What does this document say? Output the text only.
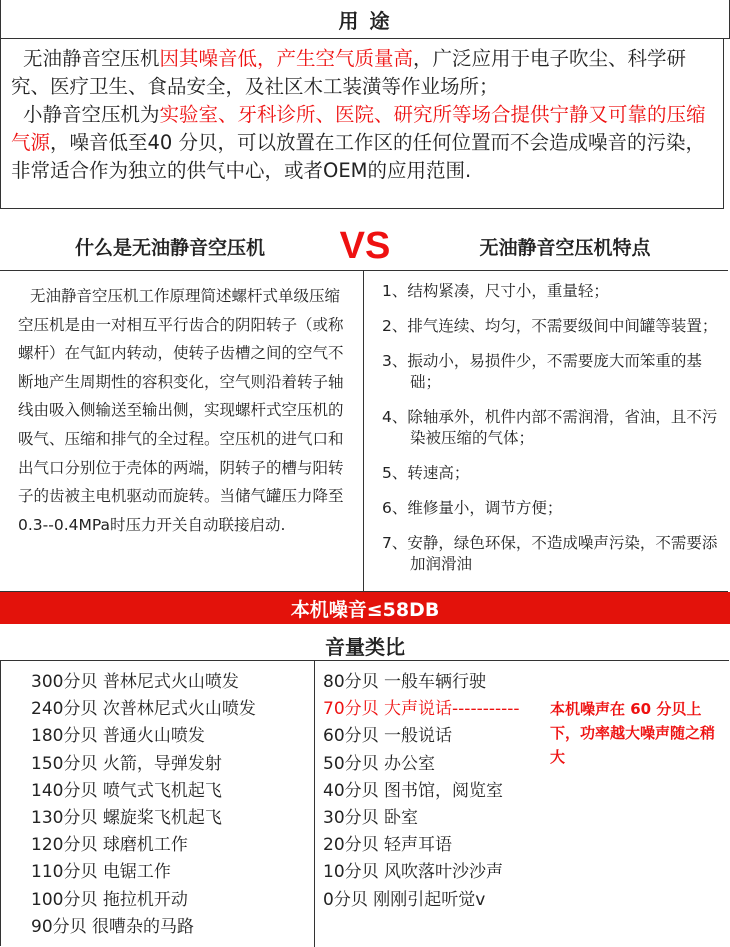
用 途

无油静音空压机因其噪音低，产生空气质量高，广泛应用于电子吹尘、科学研究、医疗卫生、食品安全，及社区木工装潢等作业场所；

小静音空压机为实验室、牙科诊所、医院、研究所等场合提供宁静又可靠的压缩气源，噪音低至40 分贝，可以放置在工作区的任何位置而不会造成噪音的污染，非常适合作为独立的供气中心，或者OEM的应用范围.

什么是无油静音空压机	VS	无油静音空压机特点

无油静音空压机工作原理简述螺杆式单级压缩空压机是由一对相互平行齿合的阴阳转子（或称螺杆）在气缸内转动，使转子齿槽之间的空气不断地产生周期性的容积变化，空气则沿着转子轴线由吸入侧输送至输出侧，实现螺杆式空压机的吸气、压缩和排气的全过程。空压机的进气口和出气口分别位于壳体的两端，阴转子的槽与阳转子的齿被主电机驱动而旋转。当储气罐压力降至0.3--0.4MPa时压力开关自动联接启动.

1、结构紧凑，尺寸小，重量轻；
2、排气连续、均匀，不需要级间中间罐等装置；
3、振动小，易损件少，不需要庞大而笨重的基础；
4、除轴承外，机件内部不需润滑，省油，且不污染被压缩的气体；
5、转速高；
6、维修量小，调节方便；
7、安静，绿色环保，不造成噪声污染，不需要添加润滑油
本机噪音≤58DB
音量类比
300分贝 普林尼式火山喷发
240分贝 次普林尼式火山喷发
180分贝 普通火山喷发
150分贝 火箭，导弹发射
140分贝 喷气式飞机起飞
130分贝 螺旋桨飞机起飞
120分贝 球磨机工作
110分贝 电锯工作
100分贝 拖拉机开动
90分贝 很嘈杂的马路
本机噪声在 60 分贝上下，功率越大噪声随之稍大
80分贝 一般车辆行驶
70分贝 大声说话-----------
60分贝 一般说话
50分贝 办公室
40分贝 图书馆，阅览室
30分贝 卧室
20分贝 轻声耳语
10分贝 风吹落叶沙沙声
0分贝 刚刚引起听觉v
